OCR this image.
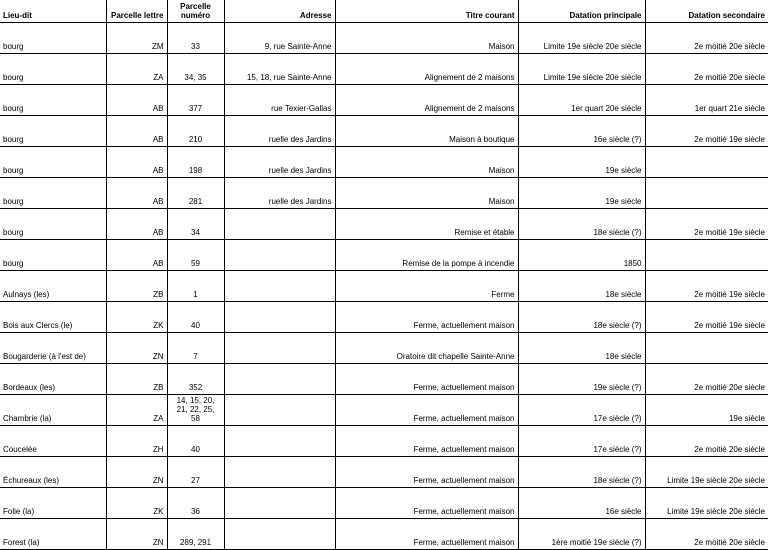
Lieu-dit	Parcelle lettre	Parcelle numéro	Adresse	Titre courant	Datation principale	Datation secondaire
bourg	ZM	33	9, rue Sainte-Anne	Maison	Limite 19e siècle 20e siècle	2e moitié 20e siècle
bourg	ZA	34, 35	15, 18, rue Sainte-Anne	Alignement de 2 maisons	Limite 19e siècle 20e siècle	2e moitié 20e siècle
bourg	AB	377	rue Texier-Gallas	Alignement de 2 maisons	1er quart 20e siècle	1er quart 21e siècle
bourg	AB	210	ruelle des Jardins	Maison à boutique	16e siècle (?)	2e moitié 19e siècle
bourg	AB	198	ruelle des Jardins	Maison	19e siècle	
bourg	AB	281	ruelle des Jardins	Maison	19e siècle	
bourg	AB	34		Remise et étable	18e siècle (?)	2e moitié 19e siècle
bourg	AB	59		Remise de la pompe à incendie	1850	
Aulnays (les)	ZB	1		Ferme	18e siècle	2e moitié 19e siècle
Bois aux Clercs (le)	ZK	40		Ferme, actuellement maison	18e siècle (?)	2e moitié 19e siècle
Bougarderie (à l'est de)	ZN	7		Oratoire dit chapelle Sainte-Anne	18e siècle	
Bordeaux (les)	ZB	352		Ferme, actuellement maison	19e siècle (?)	2e moitié 20e siècle
Chambrie (la)	ZA	14, 15, 20,
21, 22, 25,
58		Ferme, actuellement maison	17e siècle (?)	19e siècle
Coucelée	ZH	40		Ferme, actuellement maison	17e siècle (?)	2e moitié 20e siècle
Échureaux (les)	ZN	27		Ferme, actuellement maison	18e siècle (?)	Limite 19e siècle 20e siècle
Folie (la)	ZK	36		Ferme, actuellement maison	16e siècle	Limite 19e siècle 20e siècle
Forest (la)	ZN	289, 291		Ferme, actuellement maison	1ère moitié 19e siècle (?)	2e moitié 20e siècle
